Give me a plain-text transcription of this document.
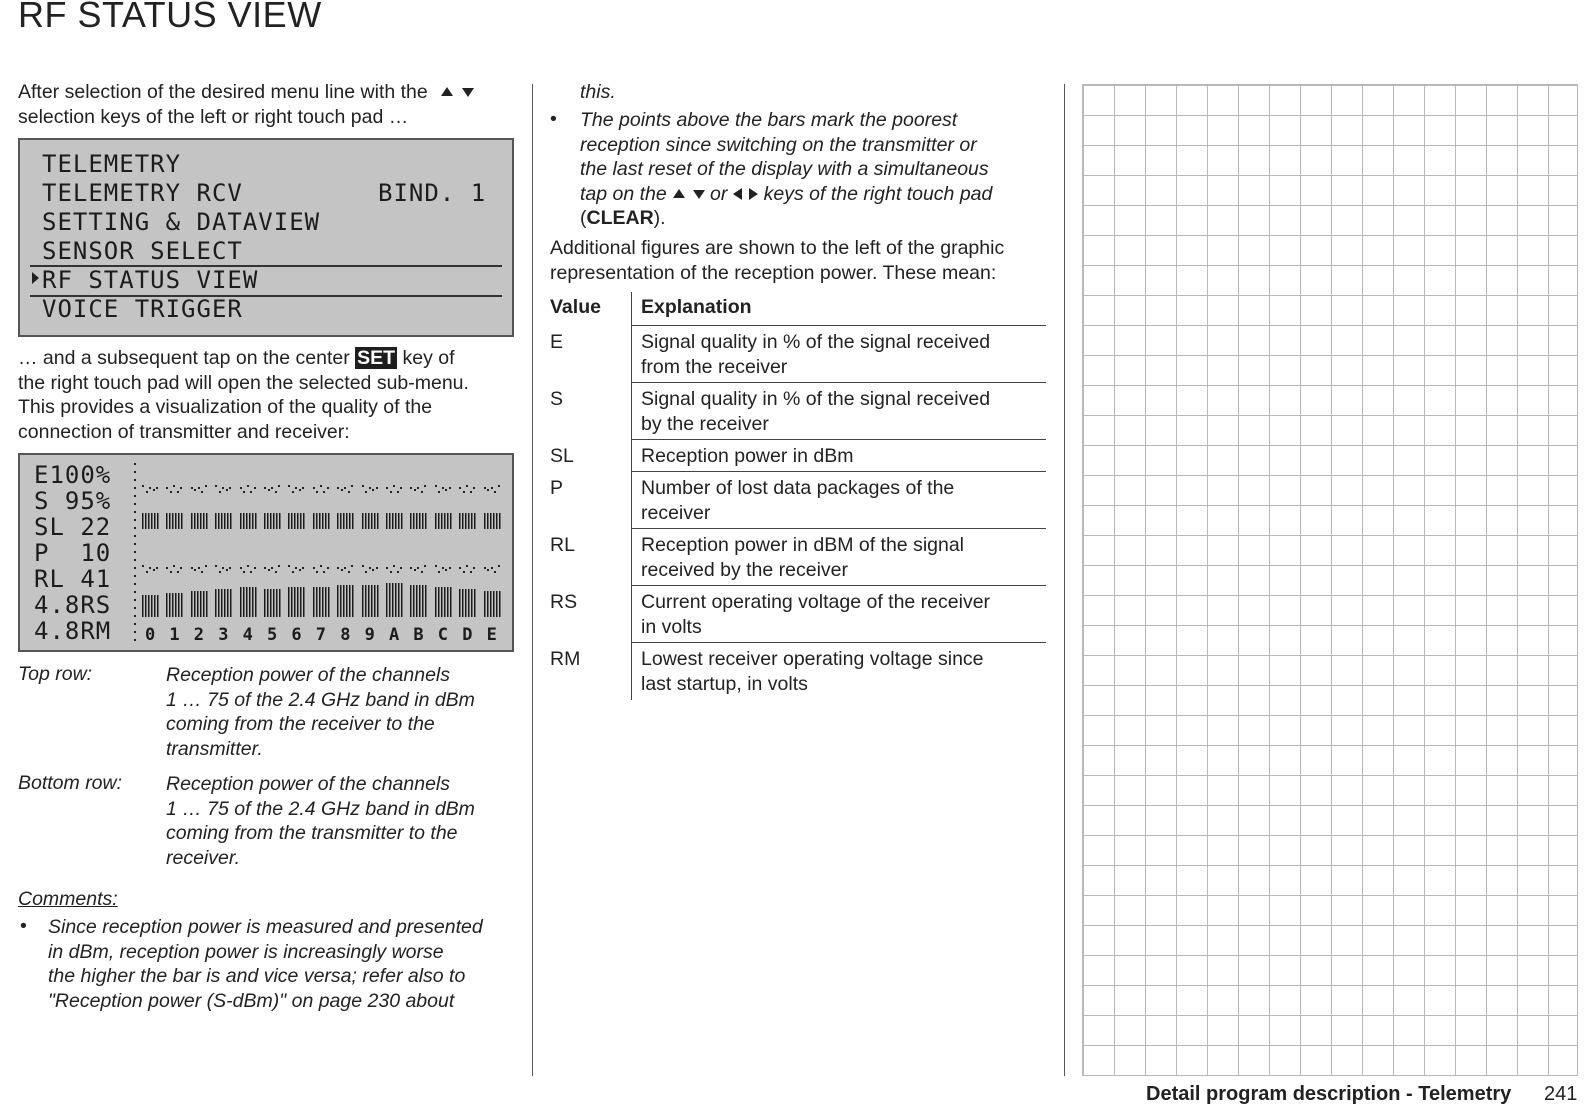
RF STATUS VIEW
After selection of the desired menu line with the
selection keys of the left or right touch pad …
TELEMETRY
TELEMETRY RCV	BIND. 1
SETTING & DATAVIEW
SENSOR SELECT
RF STATUS VIEW
VOICE TRIGGER
… and a subsequent tap on the center SET key of
the right touch pad will open the selected sub-menu.
This provides a visualization of the quality of the
connection of transmitter and receiver:
E100%
S 95%
SL 22
P  10
RL 41
4.8RS
4.8RM 0 1 2 3 4 5 6 7 8 9 A B C D E
Top row:	Reception power of the channels
1 … 75 of the 2.4 GHz band in dBm
coming from the receiver to the
transmitter.
Bottom row: Reception power of the channels
1 … 75 of the 2.4 GHz band in dBm
coming from the transmitter to the
receiver.
Comments:
• Since reception power is measured and presented
in dBm, reception power is increasingly worse
the higher the bar is and vice versa; refer also to
"Reception power (S-dBm)" on page 230 about
this.
• The points above the bars mark the poorest
reception since switching on the transmitter or
the last reset of the display with a simultaneous
tap on the or keys of the right touch pad
(CLEAR).
Additional figures are shown to the left of the graphic
representation of the reception power. These mean:
Value Explanation
E	Signal quality in % of the signal received
from the receiver
S	Signal quality in % of the signal received
by the receiver
SL	Reception power in dBm
P	Number of lost data packages of the
receiver
RL	Reception power in dBM of the signal
received by the receiver
RS	Current operating voltage of the receiver
in volts
RM	Lowest receiver operating voltage since
last startup, in volts
Detail program description - Telemetry 241
